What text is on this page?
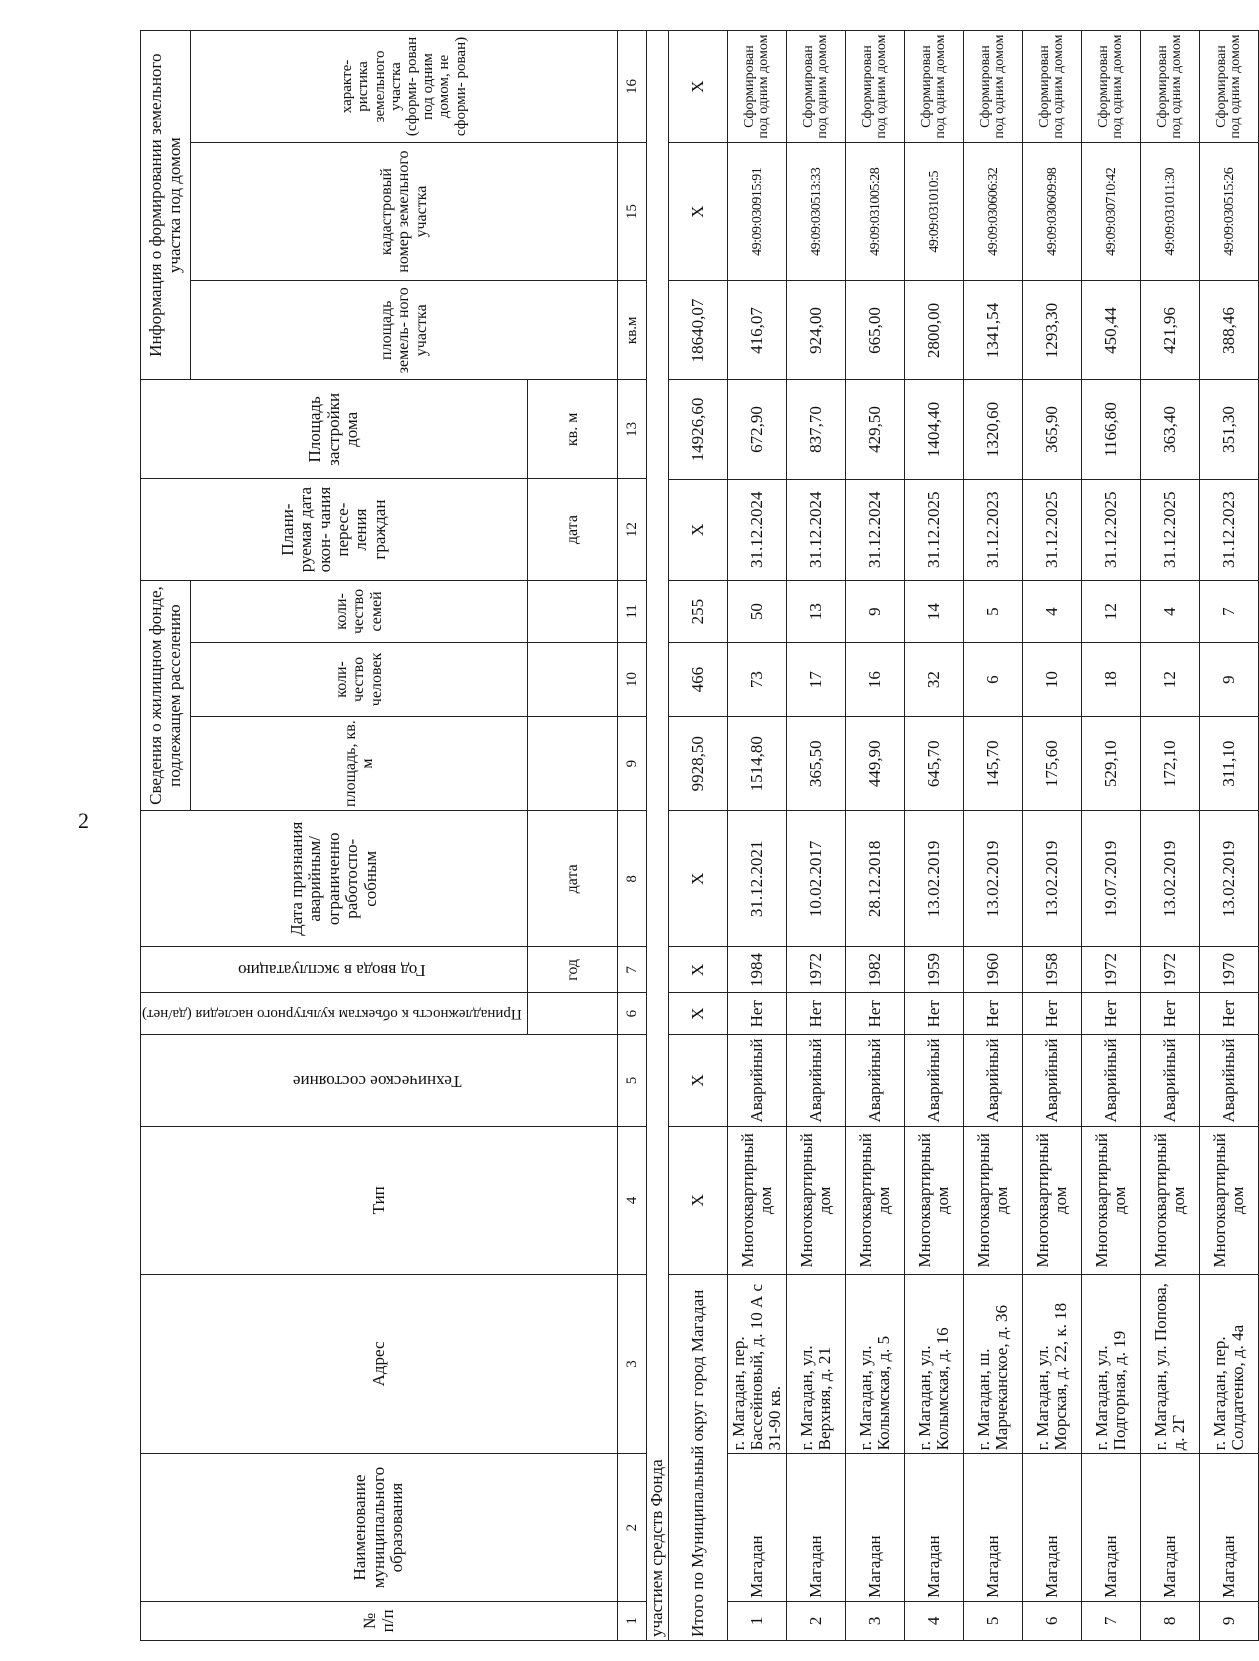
2
№ п/п	Наименование муниципального образования	Адрес	Тип	Техническое состояние	Принадлежность к объектам культурного наследия (да/нет)	Год ввода в эксплуатацию	Дата признания аварийным/ ограниченно работоспо- собным	Сведения о жилищном фонде, подлежащем расселению			Плани- руемая дата окон- чания пересе- ления граждан	Площадь застройки дома	Информация о формировании земельного участка под домом		
								площадь, кв. м	коли- чество человек	коли- чество семей			площадь земель- ного участка	кадастровый номер земельного участка	характе- ристика земельного участка (сформи- рован под одним домом, не сформи- рован)
						год	дата				дата	кв. м			
1	2	3	4	5	6	7	8	9	10	11	12	13	кв.м	15	16
участием средств Фонда															
Итого по Муниципальный округ город Магадан			Х	Х	Х	Х	Х	9928,50	466	255	Х	14926,60	18640,07	Х	Х
1	Магадан	г. Магадан, пер. Бассейновый, д. 10 А с 31-90 кв.	Многоквартирный дом	Аварийный	Нет	1984	31.12.2021	1514,80	73	50	31.12.2024	672,90	416,07	49:09:030915:91	Сформирован под одним домом
2	Магадан	г. Магадан, ул. Верхняя, д. 21	Многоквартирный дом	Аварийный	Нет	1972	10.02.2017	365,50	17	13	31.12.2024	837,70	924,00	49:09:030513:33	Сформирован под одним домом
3	Магадан	г. Магадан, ул. Колымская, д. 5	Многоквартирный дом	Аварийный	Нет	1982	28.12.2018	449,90	16	9	31.12.2024	429,50	665,00	49:09:031005:28	Сформирован под одним домом
4	Магадан	г. Магадан, ул. Колымская, д. 16	Многоквартирный дом	Аварийный	Нет	1959	13.02.2019	645,70	32	14	31.12.2025	1404,40	2800,00	49:09:031010:5	Сформирован под одним домом
5	Магадан	г. Магадан, ш. Марчеканское, д. 36	Многоквартирный дом	Аварийный	Нет	1960	13.02.2019	145,70	6	5	31.12.2023	1320,60	1341,54	49:09:030606:32	Сформирован под одним домом
6	Магадан	г. Магадан, ул. Морская, д. 22, к. 18	Многоквартирный дом	Аварийный	Нет	1958	13.02.2019	175,60	10	4	31.12.2025	365,90	1293,30	49:09:030609:98	Сформирован под одним домом
7	Магадан	г. Магадан, ул. Подгорная, д. 19	Многоквартирный дом	Аварийный	Нет	1972	19.07.2019	529,10	18	12	31.12.2025	1166,80	450,44	49:09:030710:42	Сформирован под одним домом
8	Магадан	г. Магадан, ул. Попова, д. 2Г	Многоквартирный дом	Аварийный	Нет	1972	13.02.2019	172,10	12	4	31.12.2025	363,40	421,96	49:09:031011:30	Сформирован под одним домом
9	Магадан	г. Магадан, пер. Солдатенко, д. 4а	Многоквартирный дом	Аварийный	Нет	1970	13.02.2019	311,10	9	7	31.12.2023	351,30	388,46	49:09:030515:26	Сформирован под одним домом
